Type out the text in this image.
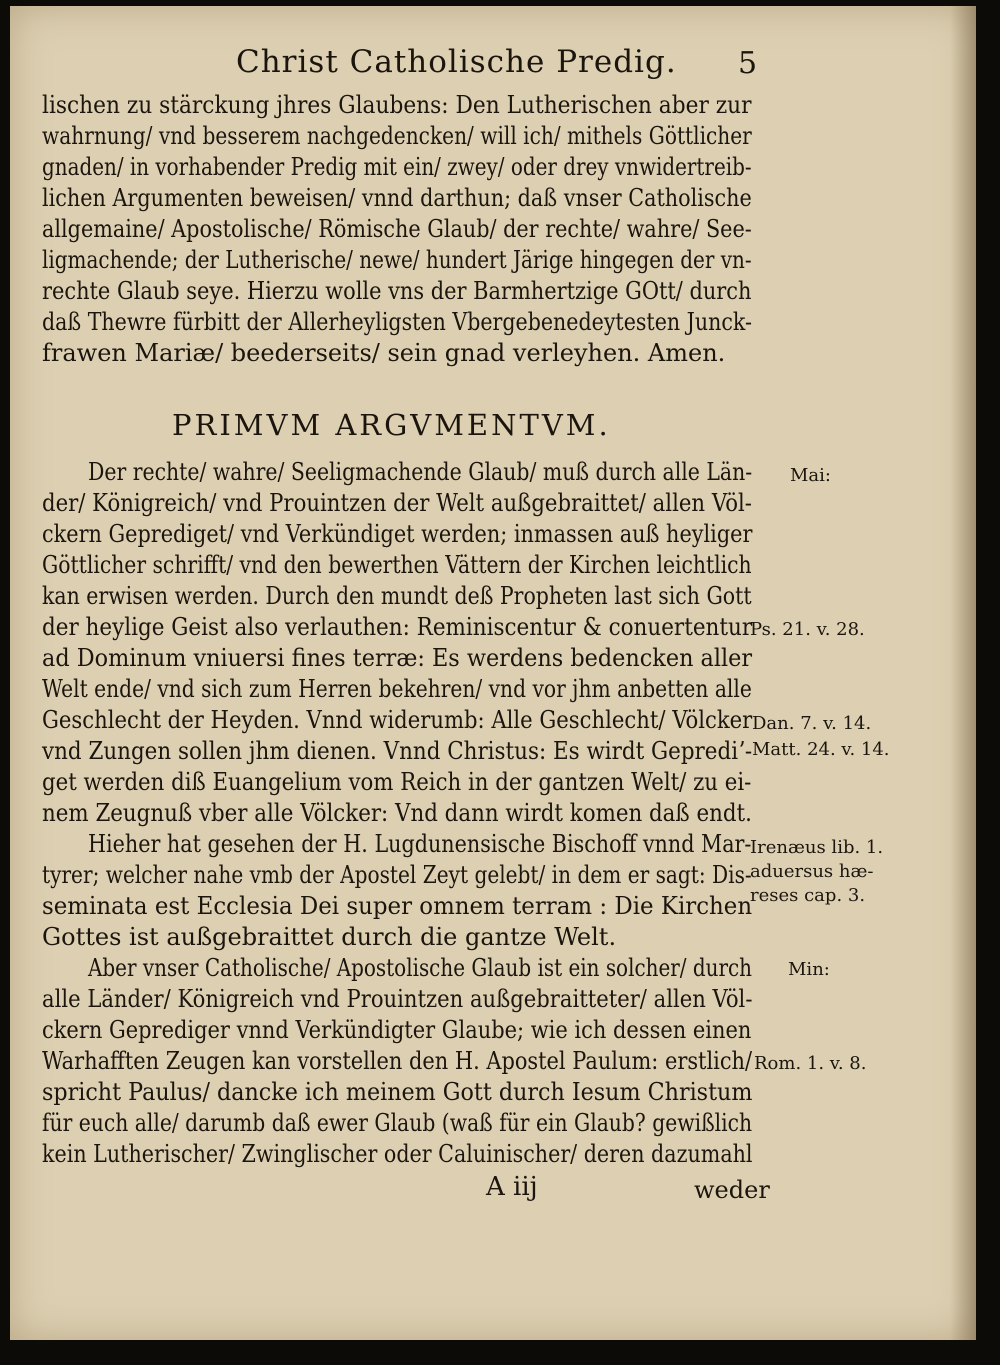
Christ Catholische Predig. 5
lischen zu stärckung jhres Glaubens: Den Lutherischen aber zur
wahrnung/ vnd besserem nachgedencken/ will ich/ mithels Göttlicher
gnaden/ in vorhabender Predig mit ein/ zwey/ oder drey vnwidertreib-
lichen Argumenten beweisen/ vnnd darthun; daß vnser Catholische
allgemaine/ Apostolische/ Römische Glaub/ der rechte/ wahre/ See-
ligmachende; der Lutherische/ newe/ hundert Järige hingegen der vn-
rechte Glaub seye. Hierzu wolle vns der Barmhertzige GOtt/ durch
daß Thewre fürbitt der Allerheyligsten Vbergebenedeytesten Junck-
frawen Mariæ/ beederseits/ sein gnad verleyhen. Amen.
PRIMVM ARGVMENTVM.
Der rechte/ wahre/ Seeligmachende Glaub/ muß durch alle Län-
der/ Königreich/ vnd Prouintzen der Welt außgebraittet/ allen Völ-
ckern Geprediget/ vnd Verkündiget werden; inmassen auß heyliger
Göttlicher schrifft/ vnd den bewerthen Vättern der Kirchen leichtlich
kan erwisen werden. Durch den mundt deß Propheten last sich Gott
der heylige Geist also verlauthen: Reminiscentur & conuertentur
ad Dominum vniuersi fines terræ: Es werdens bedencken aller
Welt ende/ vnd sich zum Herren bekehren/ vnd vor jhm anbetten alle
Geschlecht der Heyden. Vnnd widerumb: Alle Geschlecht/ Völcker
vnd Zungen sollen jhm dienen. Vnnd Christus: Es wirdt Geprediʼ-
get werden diß Euangelium vom Reich in der gantzen Welt/ zu ei-
nem Zeugnuß vber alle Völcker: Vnd dann wirdt komen daß endt.
Hieher hat gesehen der H. Lugdunensische Bischoff vnnd Mar-
tyrer; welcher nahe vmb der Apostel Zeyt gelebt/ in dem er sagt: Dis-
seminata est Ecclesia Dei super omnem terram : Die Kirchen
Gottes ist außgebraittet durch die gantze Welt.
Aber vnser Catholische/ Apostolische Glaub ist ein solcher/ durch
alle Länder/ Königreich vnd Prouintzen außgebraitteter/ allen Völ-
ckern Geprediger vnnd Verkündigter Glaube; wie ich dessen einen
Warhafften Zeugen kan vorstellen den H. Apostel Paulum: erstlich/
spricht Paulus/ dancke ich meinem Gott durch Iesum Christum
für euch alle/ darumb daß ewer Glaub (waß für ein Glaub? gewißlich
kein Lutherischer/ Zwinglischer oder Caluinischer/ deren dazumahl
Mai:
Ps. 21. v. 28.
Dan. 7. v. 14.
Matt. 24. v. 14.
Irenæus lib. 1.
aduersus hæ-
reses cap. 3.
Min:
Rom. 1. v. 8.
A iij	weder
